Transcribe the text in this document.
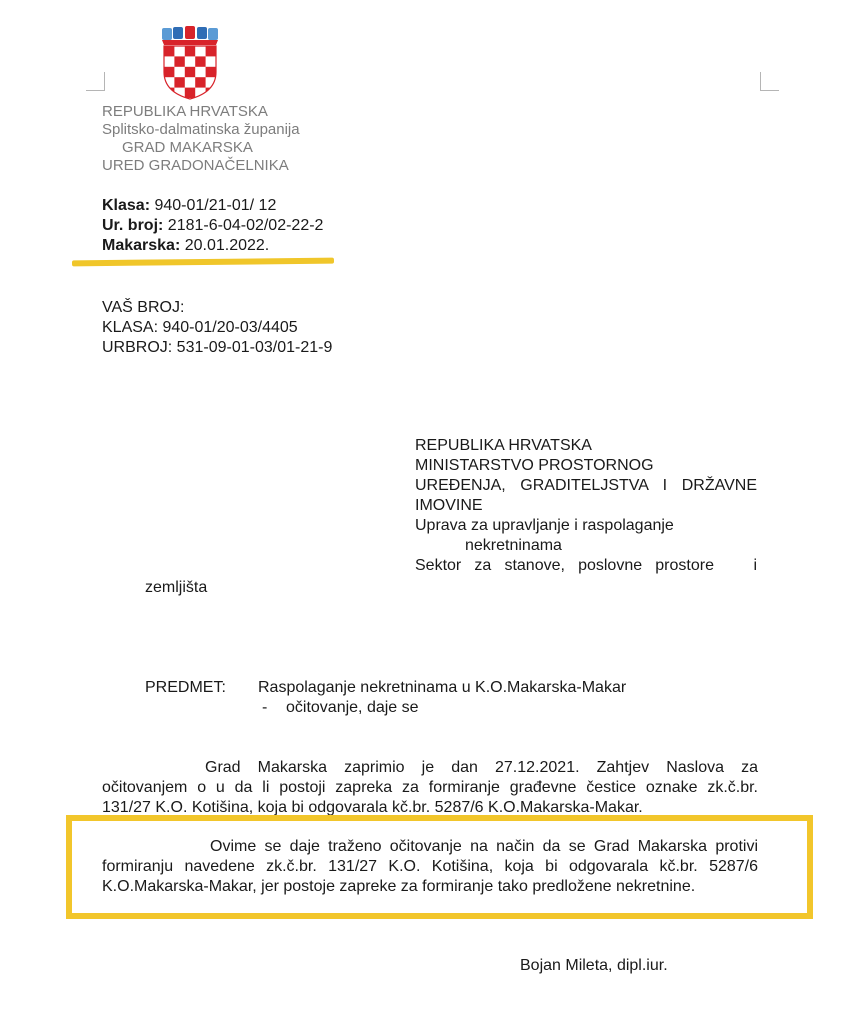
REPUBLIKA HRVATSKA
Splitsko-dalmatinska županija
GRAD MAKARSKA
URED GRADONAČELNIKA
Klasa: 940-01/21-01/ 12
Ur. broj: 2181-6-04-02/02-22-2
Makarska: 20.01.2022.
VAŠ BROJ:
KLASA: 940-01/20-03/4405
URBROJ: 531-09-01-03/01-21-9
REPUBLIKA HRVATSKA
MINISTARSTVO PROSTORNOG
UREĐENJA, GRADITELJSTVA I DRŽAVNE
IMOVINE
Uprava za upravljanje i raspolaganje
nekretninama
Sektor za stanove, poslovne prostore   i
zemljišta
PREDMET: Raspolaganje nekretninama u K.O.Makarska-Makar
- očitovanje, daje se
Grad Makarska zaprimio je dan 27.12.2021. Zahtjev Naslova za
očitovanjem o u da li postoji zapreka za formiranje građevne čestice oznake zk.č.br.
131/27 K.O. Kotišina, koja bi odgovarala kč.br. 5287/6 K.O.Makarska-Makar.
Ovime se daje traženo očitovanje na način da se Grad Makarska protivi
formiranju navedene zk.č.br. 131/27 K.O. Kotišina, koja bi odgovarala kč.br. 5287/6
K.O.Makarska-Makar, jer postoje zapreke za formiranje tako predložene nekretnine.
Bojan Mileta, dipl.iur.
